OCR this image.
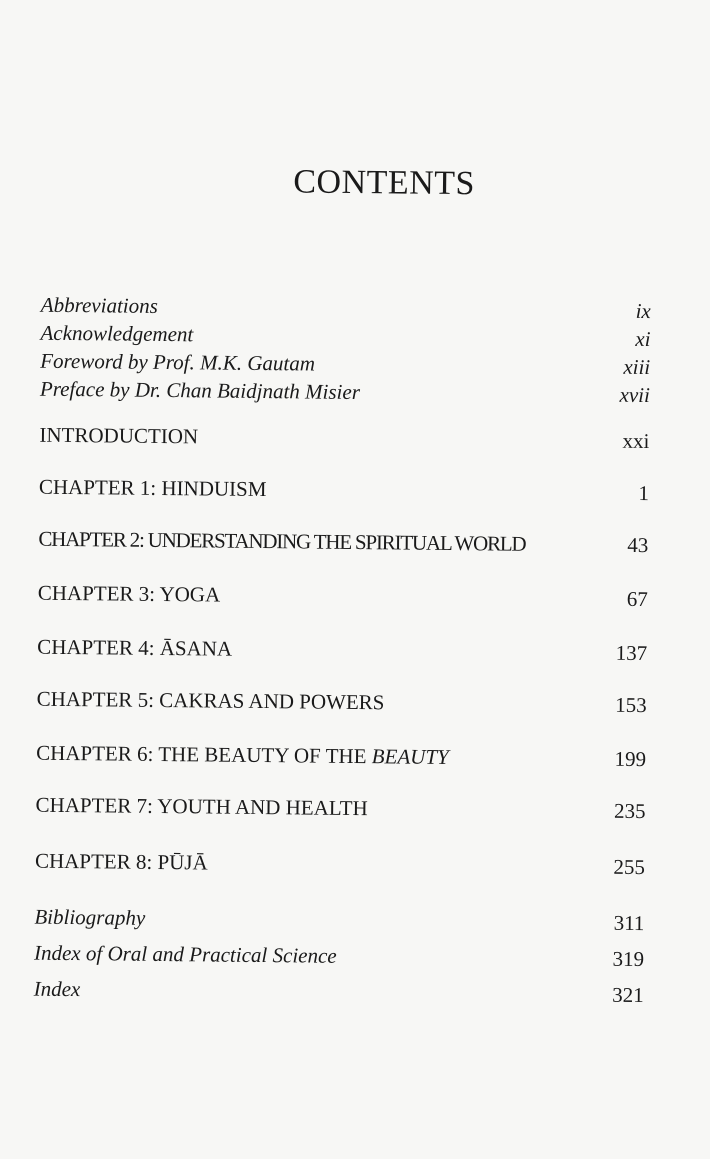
CONTENTS
Abbreviations	ix
Acknowledgement	xi
Foreword by Prof. M.K. Gautam	xiii
Preface by Dr. Chan Baidjnath Misier	xvii
INTRODUCTION	xxi
CHAPTER 1: HINDUISM	1
CHAPTER 2: UNDERSTANDING THE SPIRITUAL WORLD	43
CHAPTER 3: YOGA	67
CHAPTER 4: ĀSANA	137
CHAPTER 5: CAKRAS AND POWERS	153
CHAPTER 6: THE BEAUTY OF THE BEAUTY	199
CHAPTER 7: YOUTH AND HEALTH	235
CHAPTER 8: PŪJĀ	255
Bibliography	311
Index of Oral and Practical Science	319
Index	321
